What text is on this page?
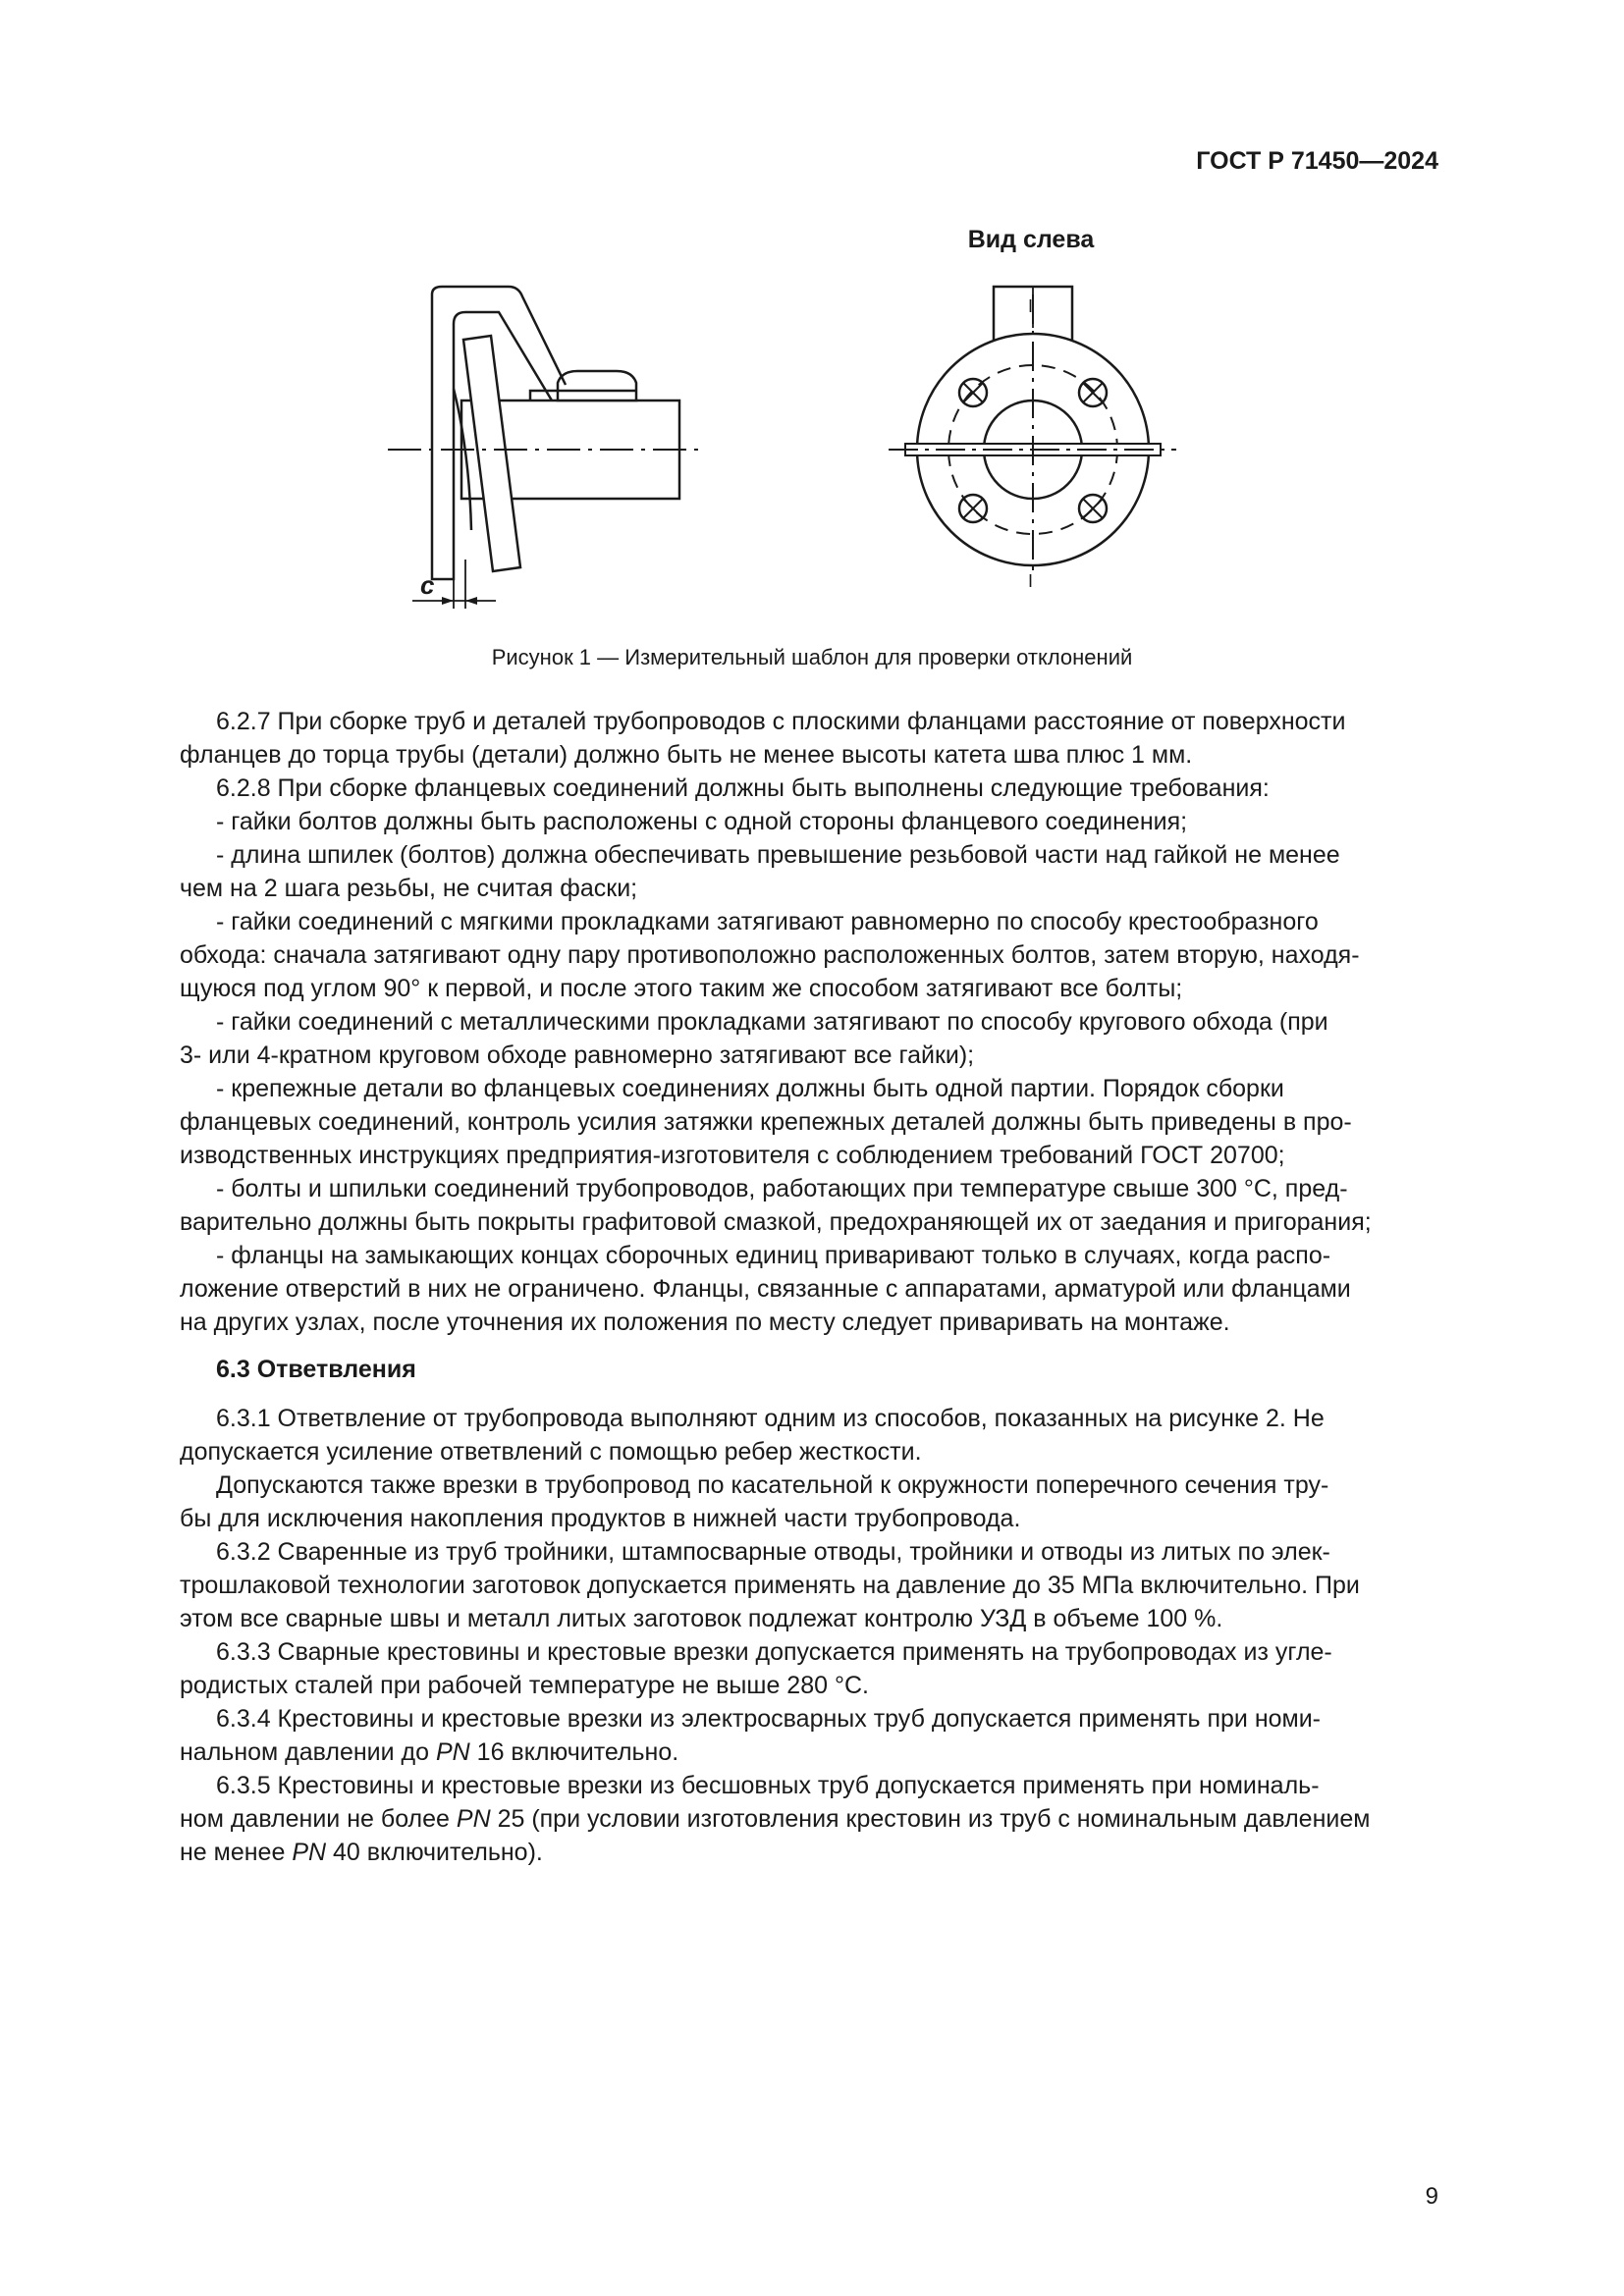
ГОСТ Р 71450—2024
Вид слева
c
I
I
Рисунок 1 — Измерительный шаблон для проверки отклонений
6.2.7 При сборке труб и деталей трубопроводов с плоскими фланцами расстояние от поверхности
фланцев до торца трубы (детали) должно быть не менее высоты катета шва плюс 1 мм.
6.2.8 При сборке фланцевых соединений должны быть выполнены следующие требования:
- гайки болтов должны быть расположены с одной стороны фланцевого соединения;
- длина шпилек (болтов) должна обеспечивать превышение резьбовой части над гайкой не менее
чем на 2 шага резьбы, не считая фаски;
- гайки соединений с мягкими прокладками затягивают равномерно по способу крестообразного
обхода: сначала затягивают одну пару противоположно расположенных болтов, затем вторую, находя-
щуюся под углом 90° к первой, и после этого таким же способом затягивают все болты;
- гайки соединений с металлическими прокладками затягивают по способу кругового обхода (при
3- или 4-кратном круговом обходе равномерно затягивают все гайки);
- крепежные детали во фланцевых соединениях должны быть одной партии. Порядок сборки
фланцевых соединений, контроль усилия затяжки крепежных деталей должны быть приведены в про-
изводственных инструкциях предприятия-изготовителя с соблюдением требований ГОСТ 20700;
- болты и шпильки соединений трубопроводов, работающих при температуре свыше 300 °С, пред-
варительно должны быть покрыты графитовой смазкой, предохраняющей их от заедания и пригорания;
- фланцы на замыкающих концах сборочных единиц приваривают только в случаях, когда распо-
ложение отверстий в них не ограничено. Фланцы, связанные с аппаратами, арматурой или фланцами
на других узлах, после уточнения их положения по месту следует приваривать на монтаже.
6.3 Ответвления
6.3.1 Ответвление от трубопровода выполняют одним из способов, показанных на рисунке 2. Не
допускается усиление ответвлений с помощью ребер жесткости.
Допускаются также врезки в трубопровод по касательной к окружности поперечного сечения тру-
бы для исключения накопления продуктов в нижней части трубопровода.
6.3.2 Сваренные из труб тройники, штампосварные отводы, тройники и отводы из литых по элек-
трошлаковой технологии заготовок допускается применять на давление до 35 МПа включительно. При
этом все сварные швы и металл литых заготовок подлежат контролю УЗД в объеме 100 %.
6.3.3 Сварные крестовины и крестовые врезки допускается применять на трубопроводах из угле-
родистых сталей при рабочей температуре не выше 280 °С.
6.3.4 Крестовины и крестовые врезки из электросварных труб допускается применять при номи-
нальном давлении до PN 16 включительно.
6.3.5 Крестовины и крестовые врезки из бесшовных труб допускается применять при номиналь-
ном давлении не более PN 25 (при условии изготовления крестовин из труб с номинальным давлением
не менее PN 40 включительно).
9
